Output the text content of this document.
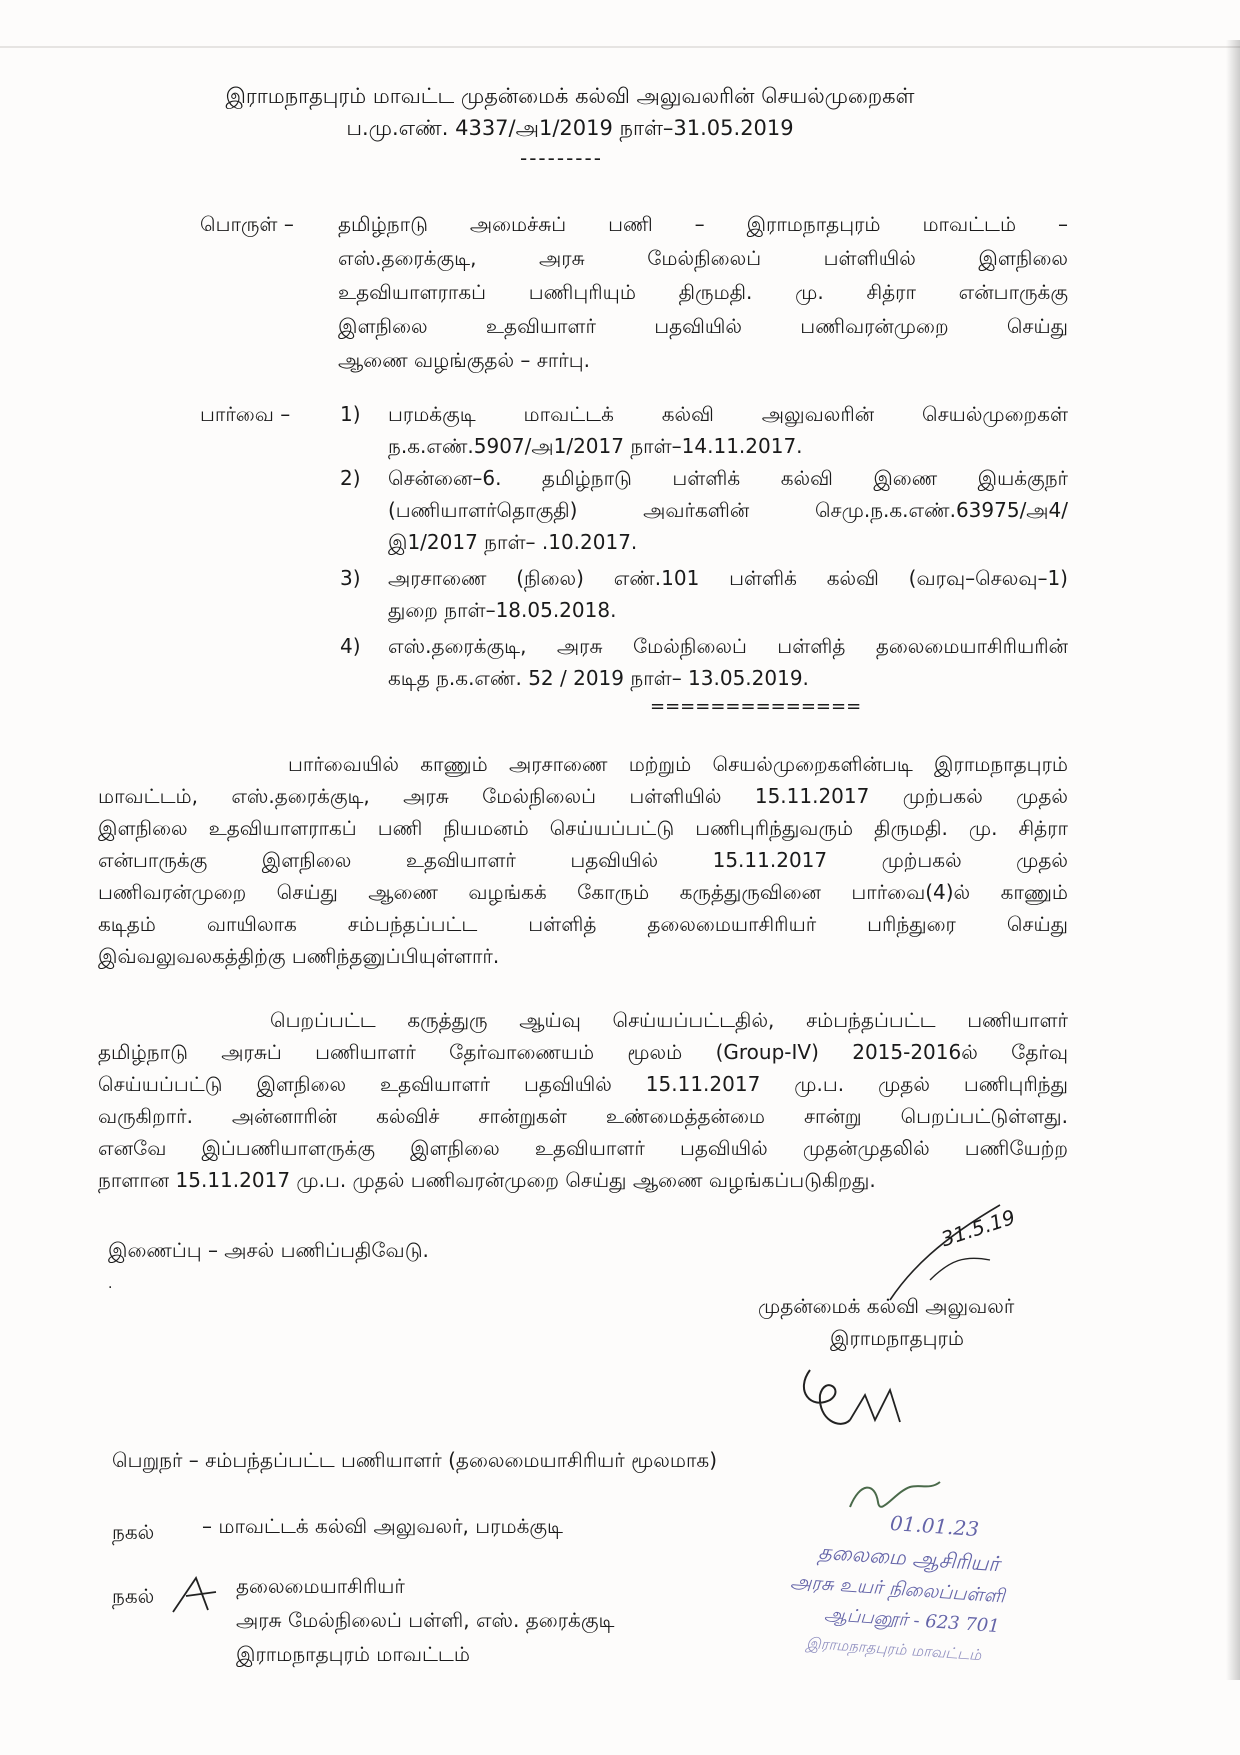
இராமநாதபுரம் மாவட்ட முதன்மைக் கல்வி அலுவலரின் செயல்முறைகள்
ப.மு.எண். 4337/அ1/2019 நாள்–31.05.2019
---------
பொருள் – தமிழ்நாடு அமைச்சுப் பணி – இராமநாதபுரம் மாவட்டம் –
எஸ்.தரைக்குடி, அரசு மேல்நிலைப் பள்ளியில் இளநிலை
உதவியாளராகப் பணிபுரியும் திருமதி. மு. சித்ரா என்பாருக்கு
இளநிலை உதவியாளர் பதவியில் பணிவரன்முறை செய்து
ஆணை வழங்குதல் – சார்பு.
பார்வை – 1) பரமக்குடி மாவட்டக் கல்வி அலுவலரின் செயல்முறைகள்
ந.க.எண்.5907/அ1/2017 நாள்–14.11.2017.
2) சென்னை–6. தமிழ்நாடு பள்ளிக் கல்வி இணை இயக்குநர்
(பணியாளர்தொகுதி) அவர்களின் செமு.ந.க.எண்.63975/அ4/
இ1/2017 நாள்– .10.2017.
3) அரசாணை (நிலை) எண்.101 பள்ளிக் கல்வி (வரவு–செலவு–1)
துறை நாள்–18.05.2018.
4) எஸ்.தரைக்குடி, அரசு மேல்நிலைப் பள்ளித் தலைமையாசிரியரின்
கடித ந.க.எண். 52 / 2019 நாள்– 13.05.2019.
==============
பார்வையில் காணும் அரசாணை மற்றும் செயல்முறைகளின்படி இராமநாதபுரம்
மாவட்டம், எஸ்.தரைக்குடி, அரசு மேல்நிலைப் பள்ளியில் 15.11.2017 முற்பகல் முதல்
இளநிலை உதவியாளராகப் பணி நியமனம் செய்யப்பட்டு பணிபுரிந்துவரும் திருமதி. மு. சித்ரா
என்பாருக்கு இளநிலை உதவியாளர் பதவியில் 15.11.2017 முற்பகல் முதல்
பணிவரன்முறை செய்து ஆணை வழங்கக் கோரும் கருத்துருவினை பார்வை(4)ல் காணும்
கடிதம் வாயிலாக சம்பந்தப்பட்ட பள்ளித் தலைமையாசிரியர் பரிந்துரை செய்து
இவ்வலுவலகத்திற்கு பணிந்தனுப்பியுள்ளார்.
பெறப்பட்ட கருத்துரு ஆய்வு செய்யப்பட்டதில், சம்பந்தப்பட்ட பணியாளர்
தமிழ்நாடு அரசுப் பணியாளர் தேர்வாணையம் மூலம் (Group-IV) 2015-2016ல் தேர்வு
செய்யப்பட்டு இளநிலை உதவியாளர் பதவியில் 15.11.2017 மு.ப. முதல் பணிபுரிந்து
வருகிறார். அன்னாரின் கல்விச் சான்றுகள் உண்மைத்தன்மை சான்று பெறப்பட்டுள்ளது.
எனவே இப்பணியாளருக்கு இளநிலை உதவியாளர் பதவியில் முதன்முதலில் பணியேற்ற
நாளான 15.11.2017 மு.ப. முதல் பணிவரன்முறை செய்து ஆணை வழங்கப்படுகிறது.
இணைப்பு – அசல் பணிப்பதிவேடு.
.
31.5.19
முதன்மைக் கல்வி அலுவலர்
இராமநாதபுரம்
பெறுநர் – சம்பந்தப்பட்ட பணியாளர் (தலைமையாசிரியர் மூலமாக)
நகல் – மாவட்டக் கல்வி அலுவலர், பரமக்குடி
நகல்	தலைமையாசிரியர்
அரசு மேல்நிலைப் பள்ளி, எஸ். தரைக்குடி
இராமநாதபுரம் மாவட்டம்
01.01.23
தலைமை ஆசிரியர்
அரசு உயர் நிலைப்பள்ளி
ஆப்பனூர் - 623 701
இராமநாதபுரம் மாவட்டம்
